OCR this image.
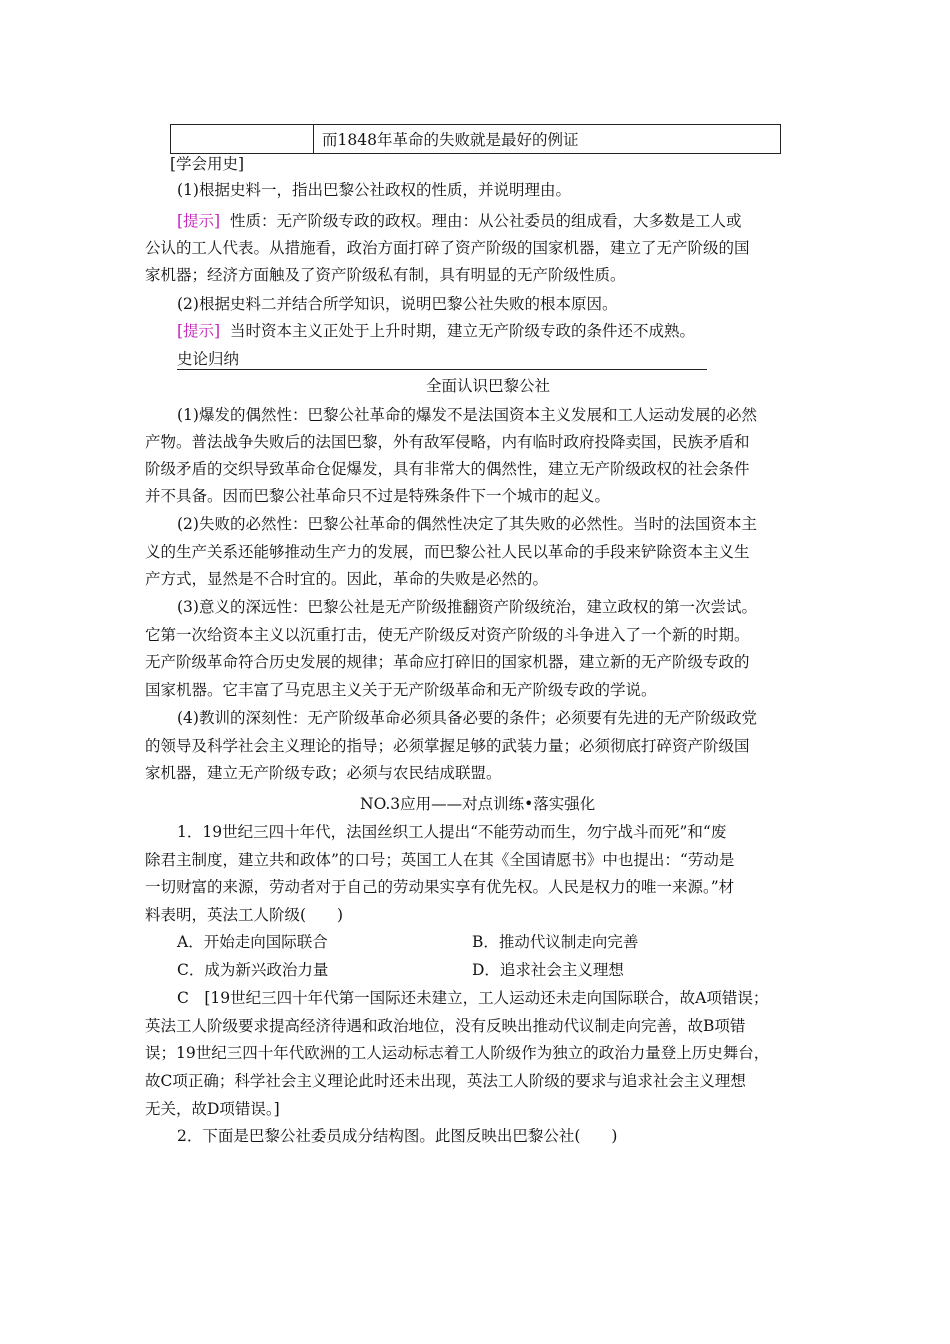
	而1848年革命的失败就是最好的例证
[学会用史]
(1)根据史料一，指出巴黎公社政权的性质，并说明理由。
[提示] 性质：无产阶级专政的政权。理由：从公社委员的组成看，大多数是工人或
公认的工人代表。从措施看，政治方面打碎了资产阶级的国家机器，建立了无产阶级的国
家机器；经济方面触及了资产阶级私有制，具有明显的无产阶级性质。
(2)根据史料二并结合所学知识，说明巴黎公社失败的根本原因。
[提示] 当时资本主义正处于上升时期，建立无产阶级专政的条件还不成熟。
史论归纳
全面认识巴黎公社
(1)爆发的偶然性：巴黎公社革命的爆发不是法国资本主义发展和工人运动发展的必然
产物。普法战争失败后的法国巴黎，外有敌军侵略，内有临时政府投降卖国，民族矛盾和
阶级矛盾的交织导致革命仓促爆发，具有非常大的偶然性，建立无产阶级政权的社会条件
并不具备。因而巴黎公社革命只不过是特殊条件下一个城市的起义。
(2)失败的必然性：巴黎公社革命的偶然性决定了其失败的必然性。当时的法国资本主
义的生产关系还能够推动生产力的发展，而巴黎公社人民以革命的手段来铲除资本主义生
产方式，显然是不合时宜的。因此，革命的失败是必然的。
(3)意义的深远性：巴黎公社是无产阶级推翻资产阶级统治，建立政权的第一次尝试。
它第一次给资本主义以沉重打击，使无产阶级反对资产阶级的斗争进入了一个新的时期。
无产阶级革命符合历史发展的规律；革命应打碎旧的国家机器，建立新的无产阶级专政的
国家机器。它丰富了马克思主义关于无产阶级革命和无产阶级专政的学说。
(4)教训的深刻性：无产阶级革命必须具备必要的条件；必须要有先进的无产阶级政党
的领导及科学社会主义理论的指导；必须掌握足够的武装力量；必须彻底打碎资产阶级国
家机器，建立无产阶级专政；必须与农民结成联盟。
NO.3应用——对点训练•落实强化
1．19世纪三四十年代，法国丝织工人提出“不能劳动而生，勿宁战斗而死”和“废
除君主制度，建立共和政体”的口号；英国工人在其《全国请愿书》中也提出：“劳动是
一切财富的来源，劳动者对于自己的劳动果实享有优先权。人民是权力的唯一来源。”材
料表明，英法工人阶级(　　)
A．开始走向国际联合	B．推动代议制走向完善
C．成为新兴政治力量	D．追求社会主义理想
C　[19世纪三四十年代第一国际还未建立，工人运动还未走向国际联合，故A项错误；
英法工人阶级要求提高经济待遇和政治地位，没有反映出推动代议制走向完善，故B项错
误；19世纪三四十年代欧洲的工人运动标志着工人阶级作为独立的政治力量登上历史舞台，
故C项正确；科学社会主义理论此时还未出现，英法工人阶级的要求与追求社会主义理想
无关，故D项错误。]
2．下面是巴黎公社委员成分结构图。此图反映出巴黎公社(　　)
